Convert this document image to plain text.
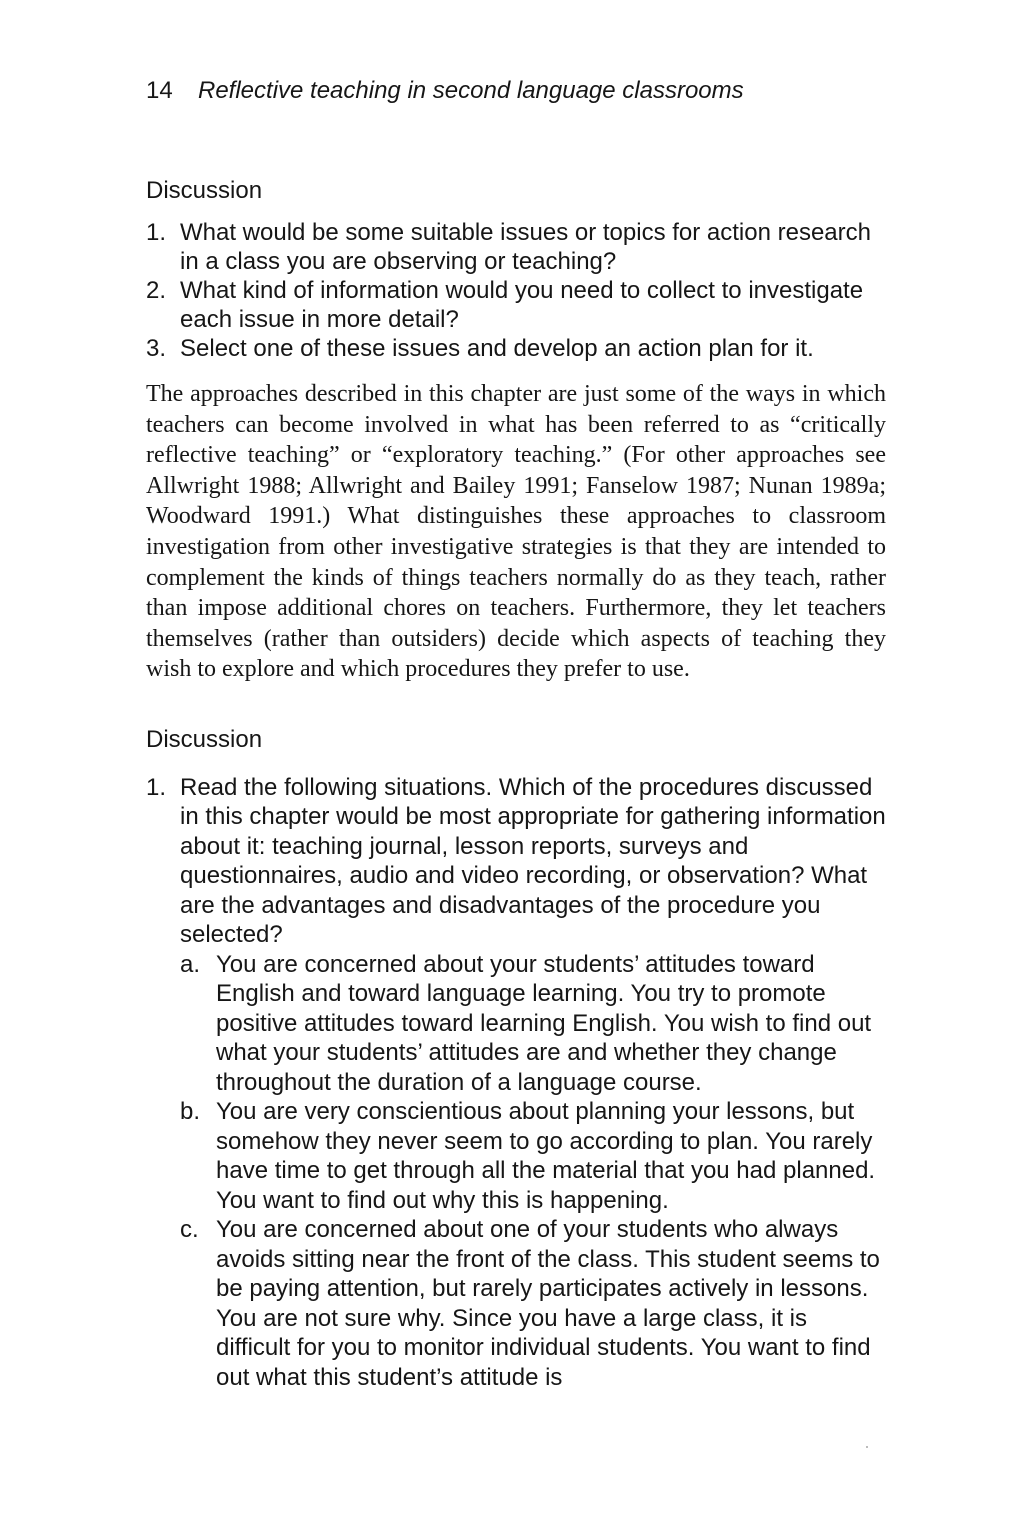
14 Reflective teaching in second language classrooms
Discussion
1. What would be some suitable issues or topics for action research in a class you are observing or teaching?
2. What kind of information would you need to collect to investigate each issue in more detail?
3. Select one of these issues and develop an action plan for it.

The approaches described in this chapter are just some of the ways in which teachers can become involved in what has been referred to as “critically reflective teaching” or “exploratory teaching.” (For other approaches see Allwright 1988; Allwright and Bailey 1991; Fanselow 1987; Nunan 1989a; Woodward 1991.) What distinguishes these approaches to classroom investigation from other investigative strategies is that they are intended to complement the kinds of things teachers normally do as they teach, rather than impose additional chores on teachers. Furthermore, they let teachers themselves (rather than outsiders) decide which aspects of teaching they wish to explore and which procedures they prefer to use.

Discussion
1. Read the following situations. Which of the procedures discussed in this chapter would be most appropriate for gathering information about it: teaching journal, lesson reports, surveys and questionnaires, audio and video recording, or observation? What are the advantages and disadvantages of the procedure you selected?
a. You are concerned about your students’ attitudes toward English and toward language learning. You try to promote positive attitudes toward learning English. You wish to find out what your students’ attitudes are and whether they change throughout the duration of a language course.
b. You are very conscientious about planning your lessons, but somehow they never seem to go according to plan. You rarely have time to get through all the material that you had planned. You want to find out why this is happening.
c. You are concerned about one of your students who always avoids sitting near the front of the class. This student seems to be paying attention, but rarely participates actively in lessons. You are not sure why. Since you have a large class, it is difficult for you to monitor individual students. You want to find out what this student’s attitude is
